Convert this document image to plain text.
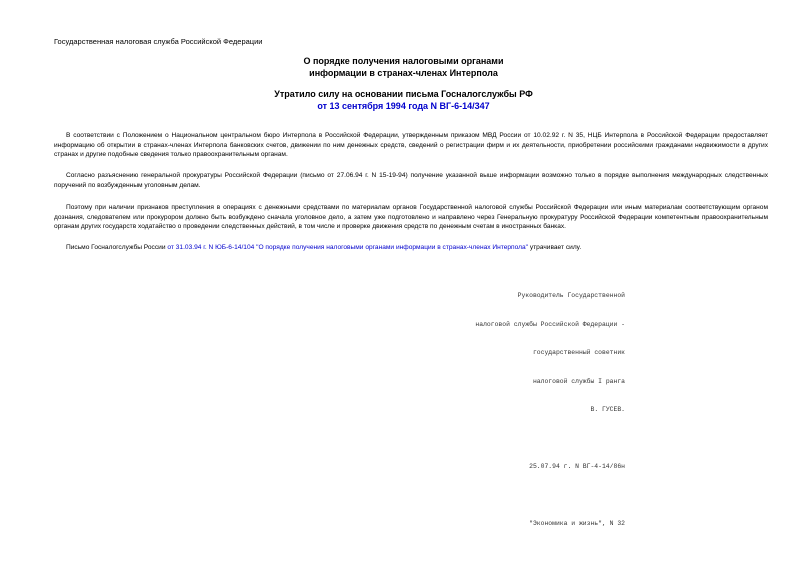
Государственная налоговая служба Российской Федерации
О порядке получения налоговыми органами
информации в странах-членах Интерпола
Утратило силу на основании письма Госналогслужбы РФ
от 13 сентября 1994 года N ВГ-6-14/347

В соответствии с Положением о Национальном центральном бюро Интерпола в Российской Федерации, утвержденным приказом МВД России от 10.02.92 г. N 35, НЦБ Интерпола в Российской Федерации предоставляет информацию об открытии в странах-членах Интерпола банковских счетов, движении по ним денежных средств, сведений о регистрации фирм и их деятельности, приобретении российскими гражданами недвижимости в других странах и другие подобные сведения только правоохранительным органам.

Согласно разъяснению генеральной прокуратуры Российской Федерации (письмо от 27.06.94 г. N 15-19-94) получение указанной выше информации возможно только в порядке выполнения международных следственных поручений по возбужденным уголовным делам.

Поэтому при наличии признаков преступления в операциях с денежными средствами по материалам органов Государственной налоговой службы Российской Федерации или иным материалам соответствующим органом дознания, следователем или прокурором должно быть возбуждено сначала уголовное дело, а затем уже подготовлено и направлено через Генеральную прокуратуру Российской Федерации компетентным правоохранительным органам других государств ходатайство о проведении следственных действий, в том числе и проверке движения средств по денежным счетам в иностранных банках.

Письмо Госналогслужбы России от 31.03.94 г. N ЮБ-6-14/104 "О порядке получения налоговыми органами информации в странах-членах Интерпола" утрачивает силу.

Руководитель Государственной

налоговой службы Российской Федерации -

государственный советник

налоговой службы I ранга

В. ГУСЕВ.

25.07.94 г. N ВГ-4-14/86н

"Экономика и жизнь", N 32
